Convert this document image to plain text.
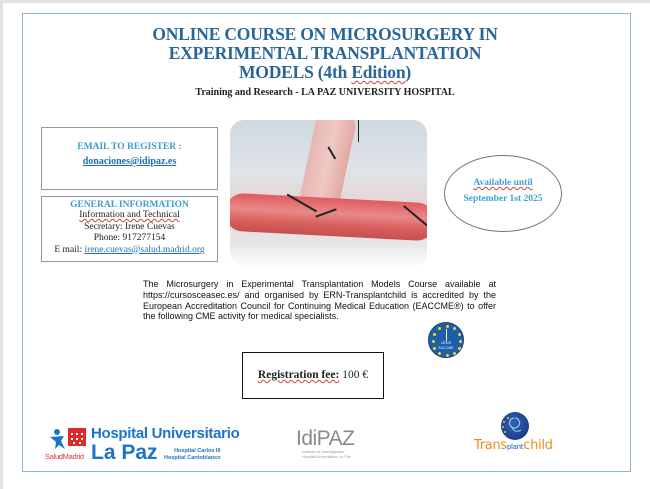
ONLINE COURSE ON MICROSURGERY IN
EXPERIMENTAL TRANSPLANTATION
MODELS (4th Edition)
Training and Research - LA PAZ UNIVERSITY HOSPITAL
EMAIL TO REGISTER :
donaciones@idipaz.es
GENERAL INFORMATION
Information and Technical
Secretary: Irene Cuevas
Phone: 917277154
E mail: irene.cuevas@salud.madrid.org
Available until
September 1st 2025
The Microsurgery in Experimental Transplantation Models Course available at https://cursosceasec.es/ and organised by ERN-Transplantchild is accredited by the European Accreditation Council for Continuing Medical Education (EACCME®) to offer the following CME activity for medical specialists.
UEMS
EACCME
Registration fee: 100 €
SaludMadrid
Hospital Universitario
La Paz	Hospital Carlos III
Hospital Cantoblanco
IdiPAZ
Instituto de Investigación
Hospital Universitario La Paz
Transplantchild
